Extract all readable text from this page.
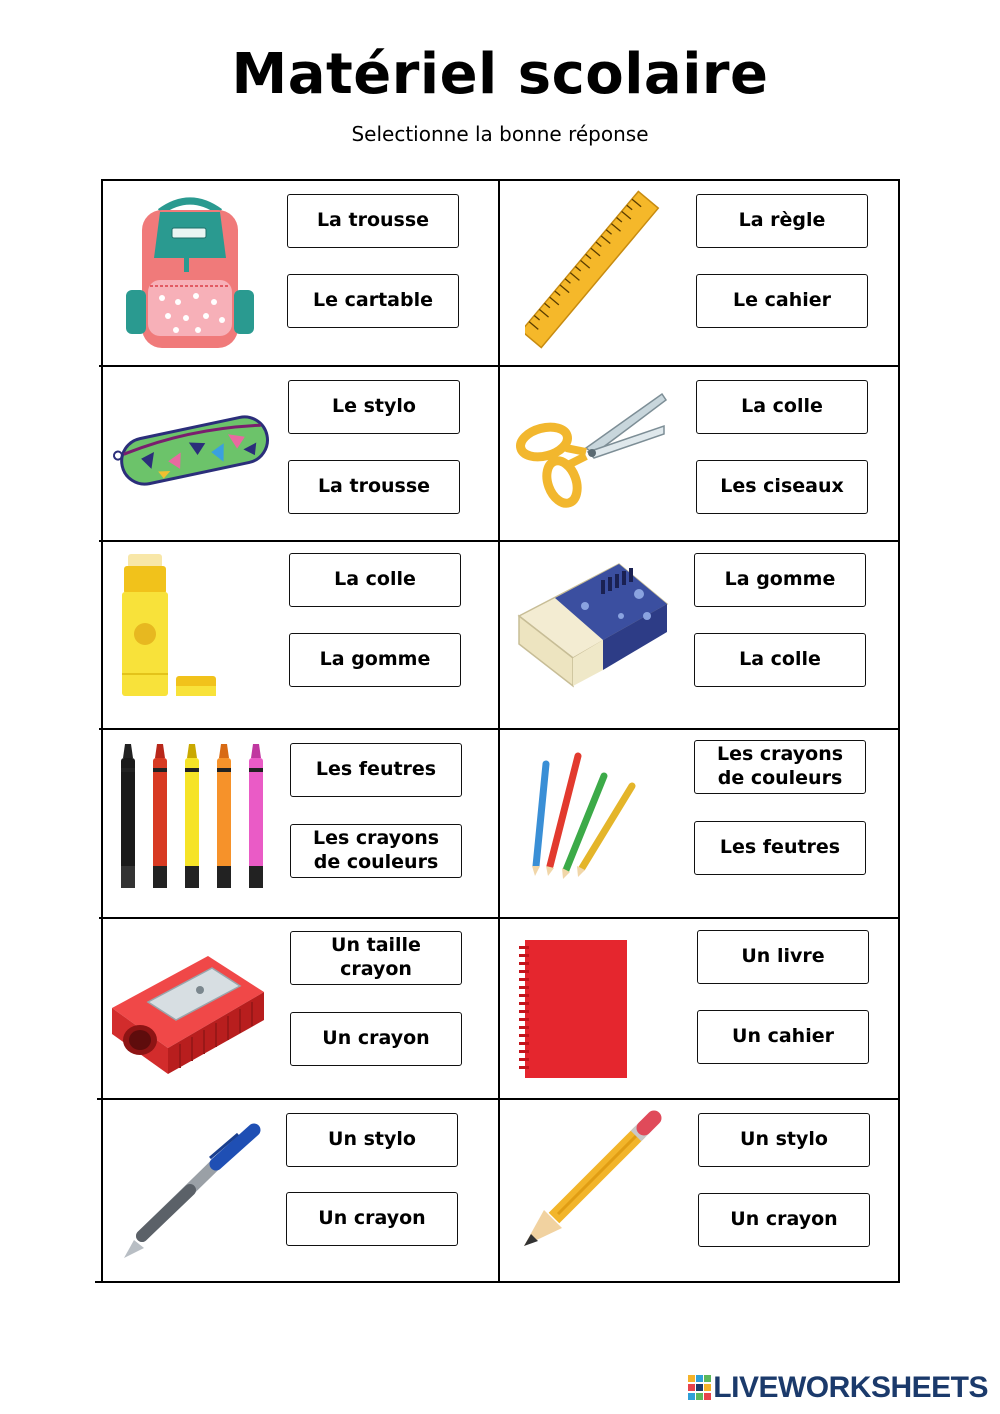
Matériel scolaire
Selectionne la bonne réponse
La trousse
Le cartable
La règle
Le cahier
Le stylo
La trousse
La colle
Les ciseaux
La colle
La gomme
La gomme
La colle
Les feutres
Les crayons de couleurs
Les crayons de couleurs
Les feutres
Un taille crayon
Un crayon
Un livre
Un cahier
Un stylo
Un crayon
Un stylo
Un crayon
LIVEWORKSHEETS
